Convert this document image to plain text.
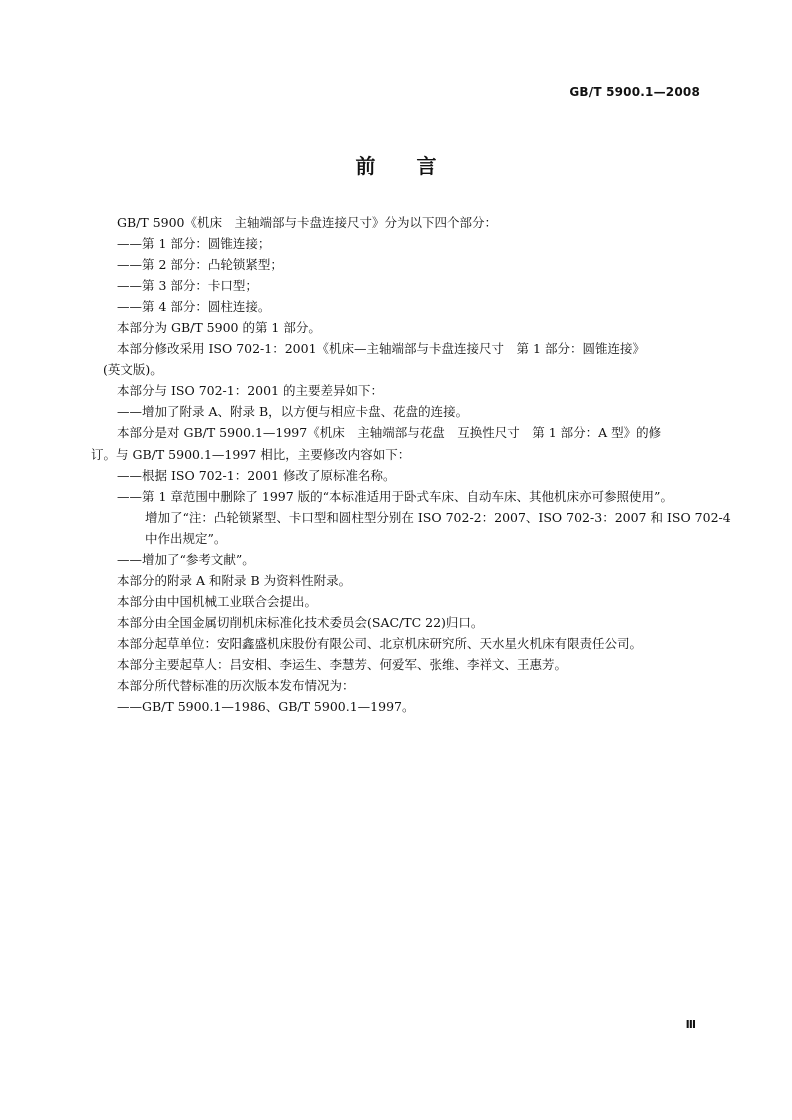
GB/T 5900.1—2008
前 言
GB/T 5900《机床　主轴端部与卡盘连接尺寸》分为以下四个部分：
——第 1 部分：圆锥连接；
——第 2 部分：凸轮锁紧型；
——第 3 部分：卡口型；
——第 4 部分：圆柱连接。
本部分为 GB/T 5900 的第 1 部分。
本部分修改采用 ISO 702-1：2001《机床—主轴端部与卡盘连接尺寸　第 1 部分：圆锥连接》
(英文版)。
本部分与 ISO 702-1：2001 的主要差异如下：
——增加了附录 A、附录 B，以方便与相应卡盘、花盘的连接。
本部分是对 GB/T 5900.1—1997《机床　主轴端部与花盘　互换性尺寸　第 1 部分：A 型》的修
订。与 GB/T 5900.1—1997 相比，主要修改内容如下：
——根据 ISO 702-1：2001 修改了原标准名称。
——第 1 章范围中删除了 1997 版的“本标准适用于卧式车床、自动车床、其他机床亦可参照使用”。
增加了“注：凸轮锁紧型、卡口型和圆柱型分别在 ISO 702-2：2007、ISO 702-3：2007 和 ISO 702-4
中作出规定”。
——增加了“参考文献”。
本部分的附录 A 和附录 B 为资料性附录。
本部分由中国机械工业联合会提出。
本部分由全国金属切削机床标准化技术委员会(SAC/TC 22)归口。
本部分起草单位：安阳鑫盛机床股份有限公司、北京机床研究所、天水星火机床有限责任公司。
本部分主要起草人：吕安相、李运生、李慧芳、何爱军、张维、李祥文、王惠芳。
本部分所代替标准的历次版本发布情况为：
——GB/T 5900.1—1986、GB/T 5900.1—1997。
Ⅲ
